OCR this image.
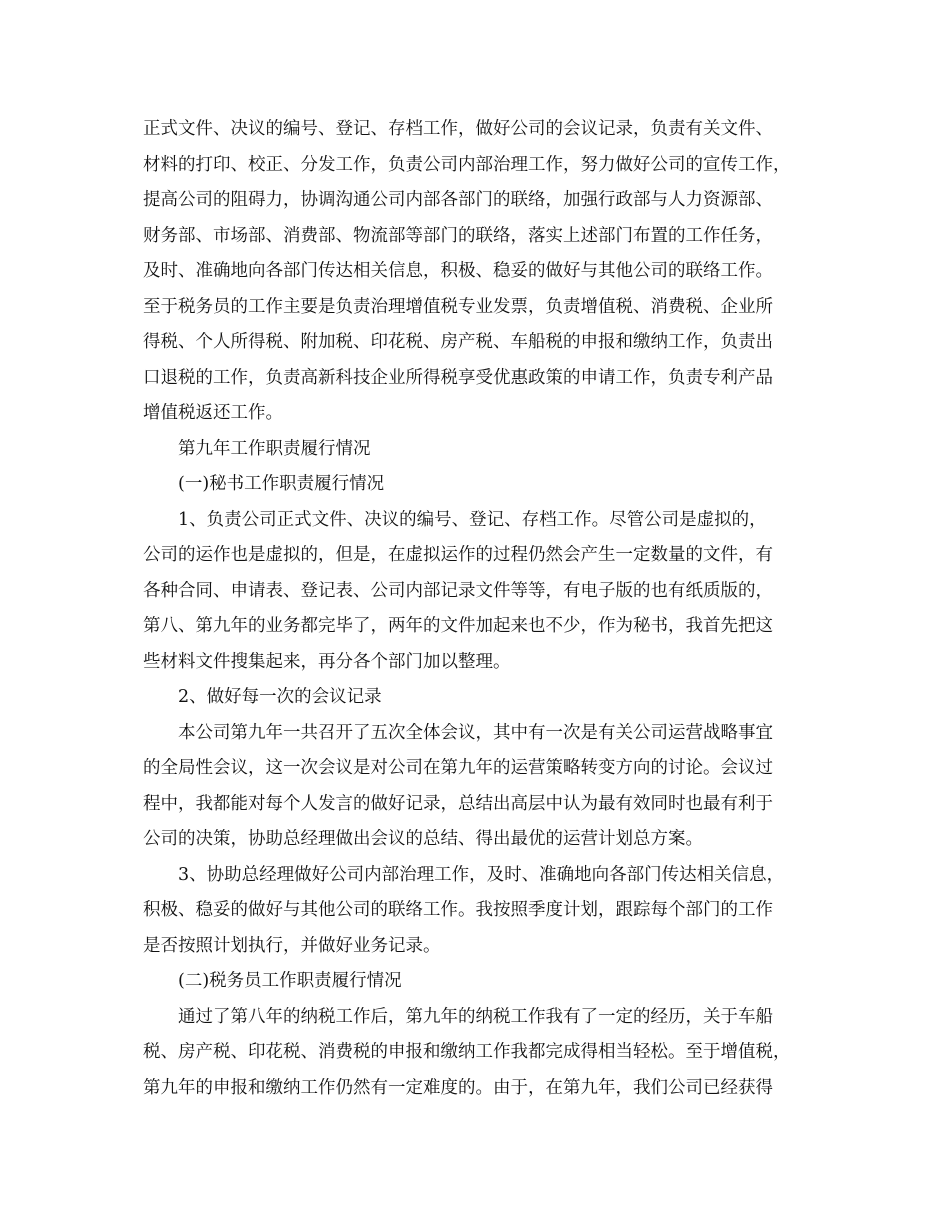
正式文件、决议的编号、登记、存档工作，做好公司的会议记录，负责有关文件、
材料的打印、校正、分发工作，负责公司内部治理工作，努力做好公司的宣传工作，
提高公司的阻碍力，协调沟通公司内部各部门的联络，加强行政部与人力资源部、
财务部、市场部、消费部、物流部等部门的联络，落实上述部门布置的工作任务，
及时、准确地向各部门传达相关信息，积极、稳妥的做好与其他公司的联络工作。
至于税务员的工作主要是负责治理增值税专业发票，负责增值税、消费税、企业所
得税、个人所得税、附加税、印花税、房产税、车船税的申报和缴纳工作，负责出
口退税的工作，负责高新科技企业所得税享受优惠政策的申请工作，负责专利产品
增值税返还工作。
第九年工作职责履行情况
(一)秘书工作职责履行情况
1、负责公司正式文件、决议的编号、登记、存档工作。尽管公司是虚拟的，
公司的运作也是虚拟的，但是，在虚拟运作的过程仍然会产生一定数量的文件，有
各种合同、申请表、登记表、公司内部记录文件等等，有电子版的也有纸质版的，
第八、第九年的业务都完毕了，两年的文件加起来也不少，作为秘书，我首先把这
些材料文件搜集起来，再分各个部门加以整理。
2、做好每一次的会议记录
本公司第九年一共召开了五次全体会议，其中有一次是有关公司运营战略事宜
的全局性会议，这一次会议是对公司在第九年的运营策略转变方向的讨论。会议过
程中，我都能对每个人发言的做好记录，总结出高层中认为最有效同时也最有利于
公司的决策，协助总经理做出会议的总结、得出最优的运营计划总方案。
3、协助总经理做好公司内部治理工作，及时、准确地向各部门传达相关信息，
积极、稳妥的做好与其他公司的联络工作。我按照季度计划，跟踪每个部门的工作
是否按照计划执行，并做好业务记录。
(二)税务员工作职责履行情况
通过了第八年的纳税工作后，第九年的纳税工作我有了一定的经历，关于车船
税、房产税、印花税、消费税的申报和缴纳工作我都完成得相当轻松。至于增值税，
第九年的申报和缴纳工作仍然有一定难度的。由于，在第九年，我们公司已经获得
